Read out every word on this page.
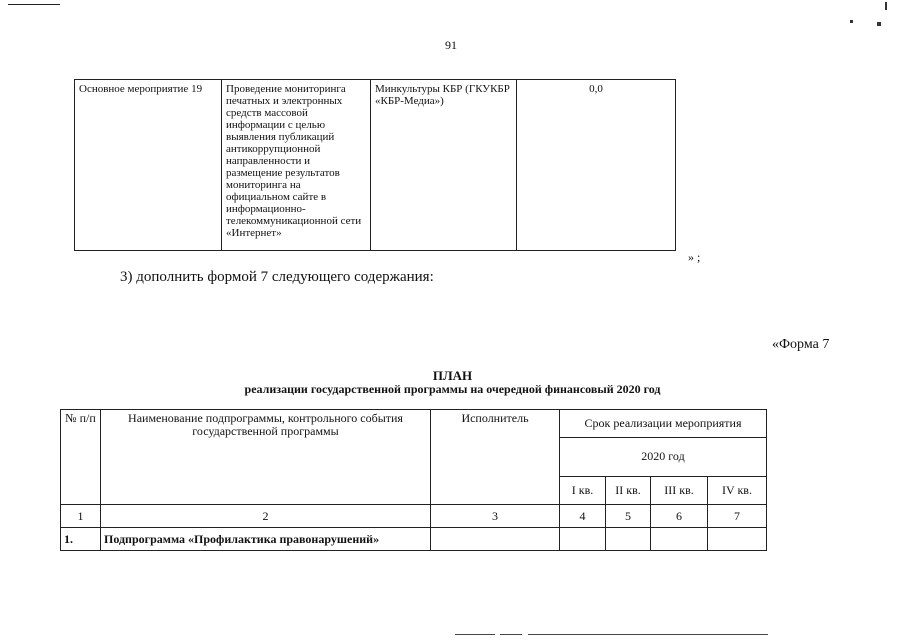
91
Основное мероприятие 19	Проведение мониторинга печатных и электронных средств массовой информации с целью выявления публикаций антикоррупционной направленности и размещение результатов мониторинга на официальном сайте в информационно-телекоммуникационной сети «Интернет»	Минкультуры КБР (ГКУКБР «КБР-Медиа»)	0,0
» ;
3) дополнить формой 7 следующего содержания:
«Форма 7
ПЛАН
реализации государственной программы на очередной финансовый 2020 год
№ п/п	Наименование подпрограммы, контрольного события государственной программы	Исполнитель	Срок реализации мероприятия			
			2020 год			
			I кв.	II кв.	III кв.	IV кв.
1	2	3	4	5	6	7
1.	Подпрограмма «Профилактика правонарушений»					
